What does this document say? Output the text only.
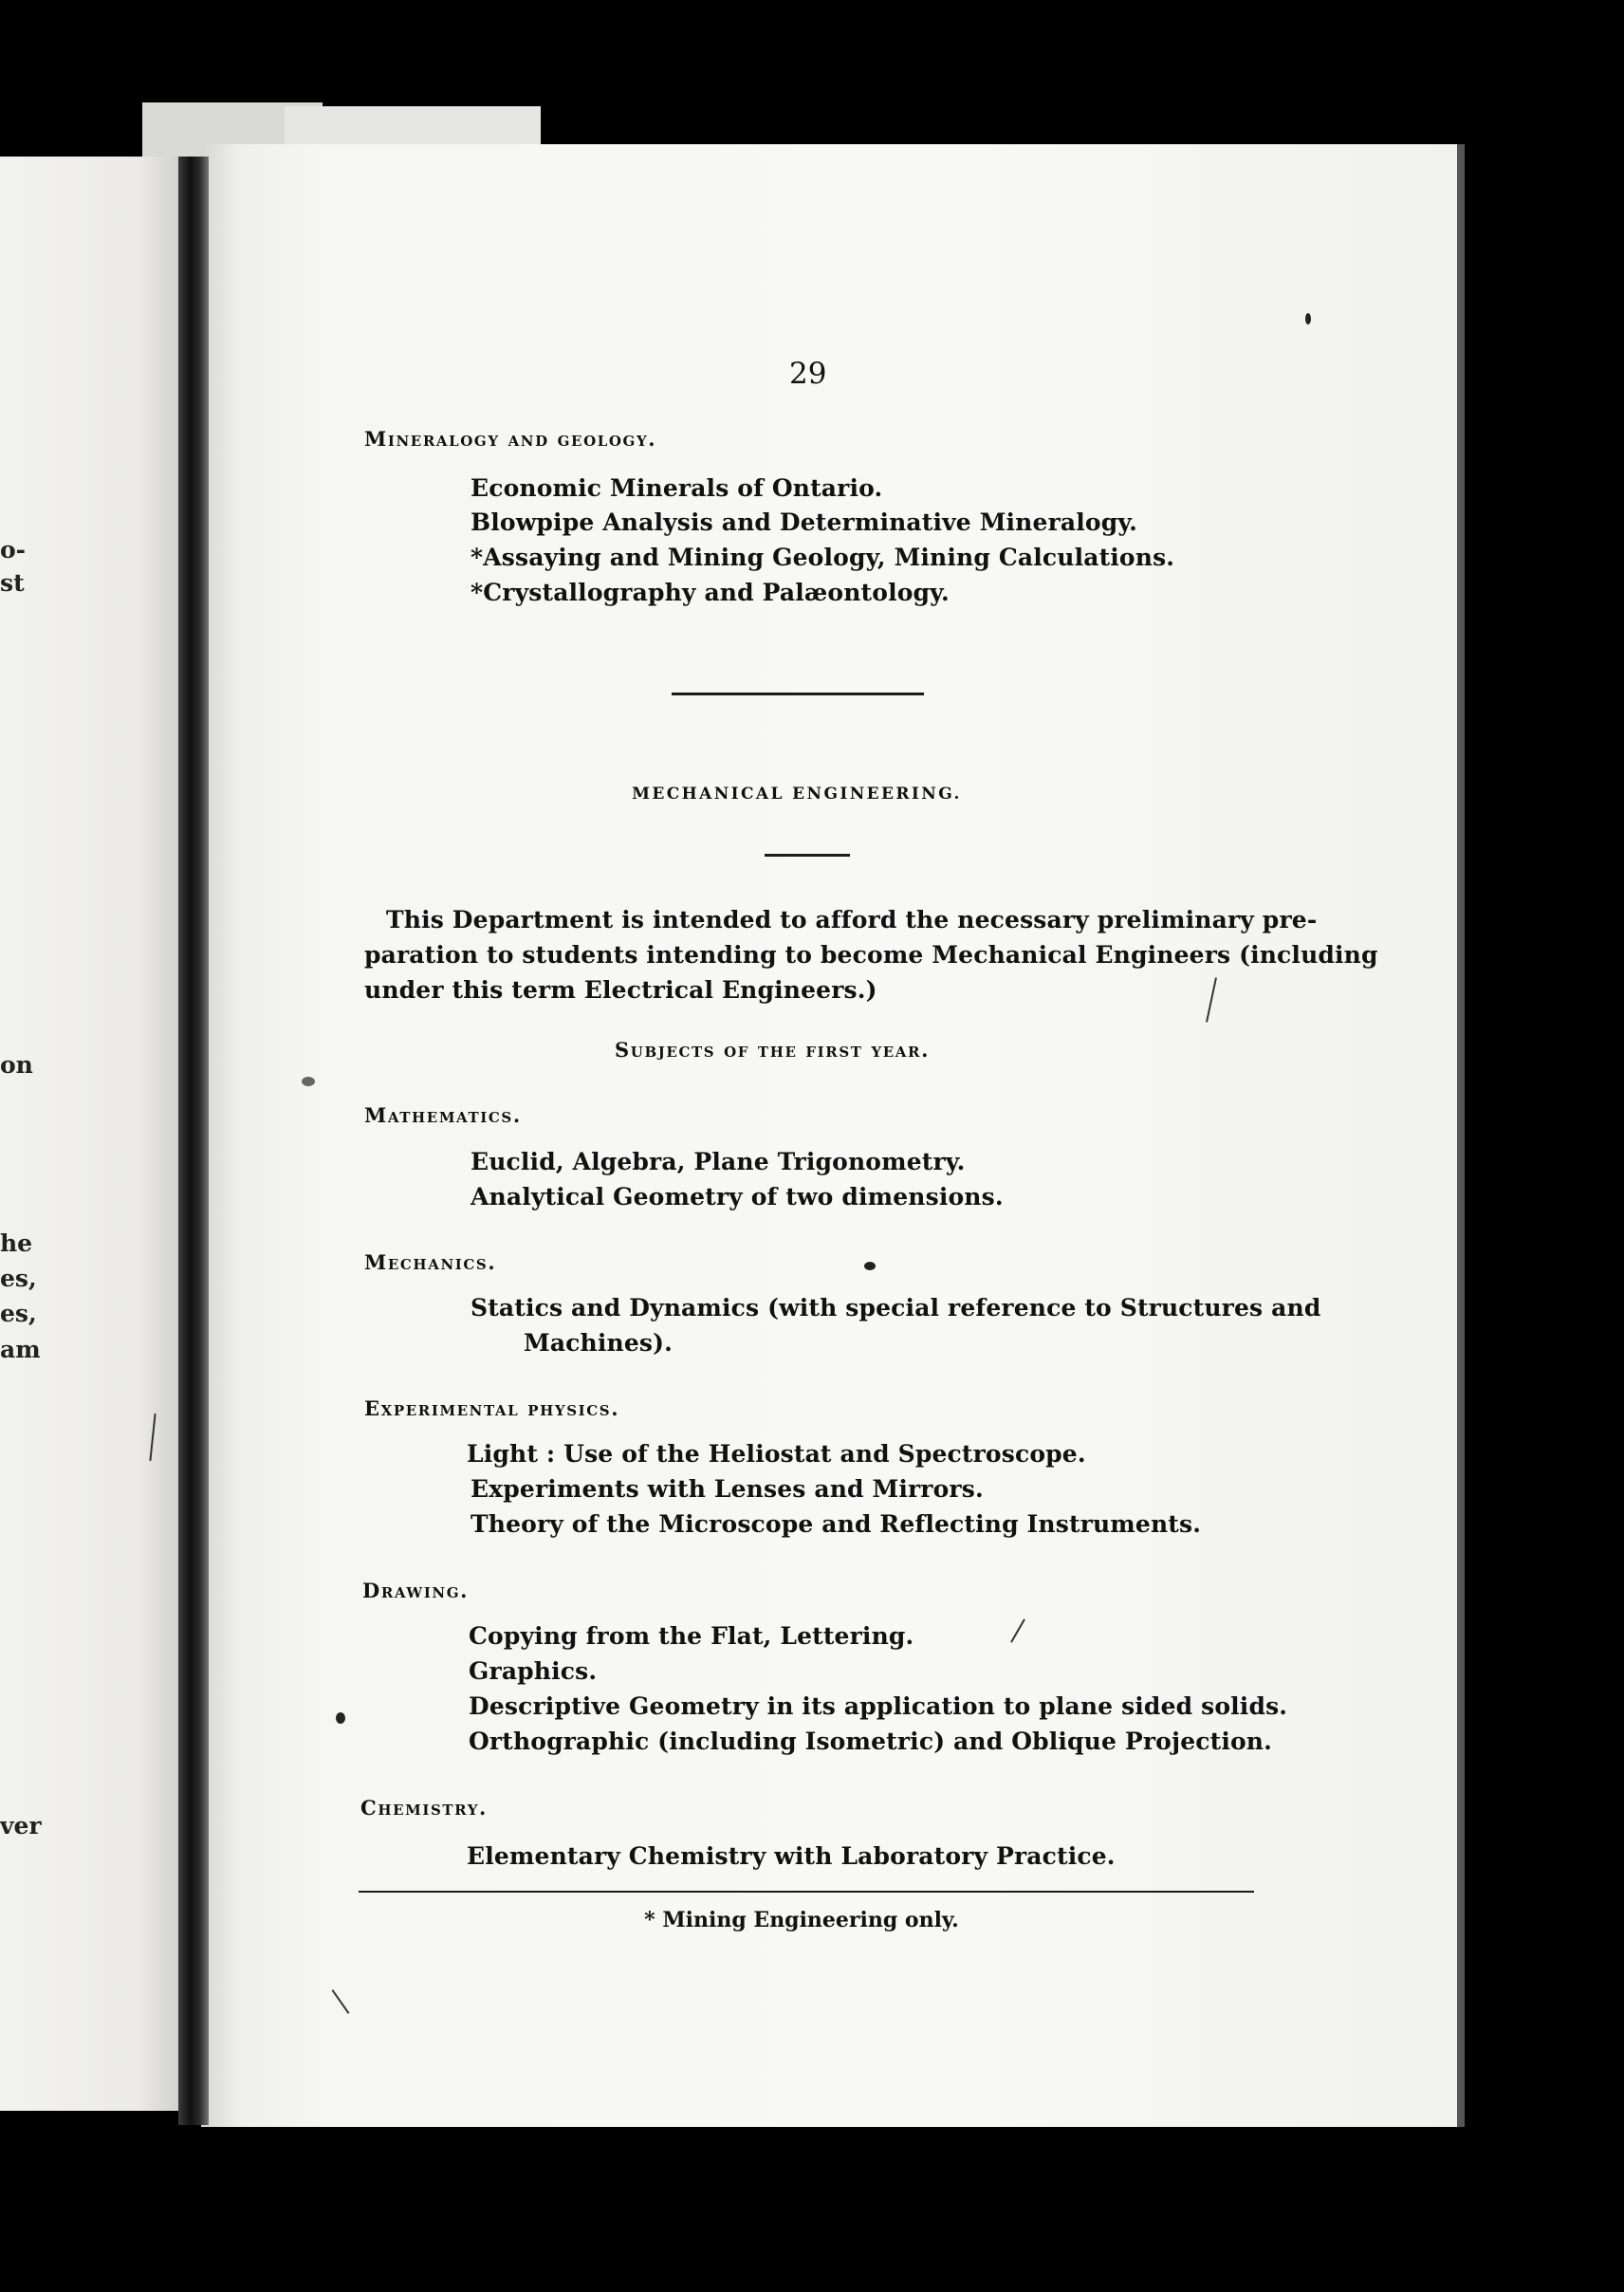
o-
st
on
he
es,
es,
am
ver
29
Mineralogy and geology.
Economic Minerals of Ontario.
Blowpipe Analysis and Determinative Mineralogy.
*Assaying and Mining Geology, Mining Calculations.
*Crystallography and Palæontology.
MECHANICAL ENGINEERING.
This Department is intended to afford the necessary preliminary pre-
paration to students intending to become Mechanical Engineers (including
under this term Electrical Engineers.)
Subjects of the first year.
Mathematics.
Euclid, Algebra, Plane Trigonometry.
Analytical Geometry of two dimensions.
Mechanics.
Statics and Dynamics (with special reference to Structures and
Machines).
Experimental physics.
Light : Use of the Heliostat and Spectroscope.
Experiments with Lenses and Mirrors.
Theory of the Microscope and Reflecting Instruments.
Drawing.
Copying from the Flat, Lettering.
Graphics.
Descriptive Geometry in its application to plane sided solids.
Orthographic (including Isometric) and Oblique Projection.
Chemistry.
Elementary Chemistry with Laboratory Practice.
* Mining Engineering only.
